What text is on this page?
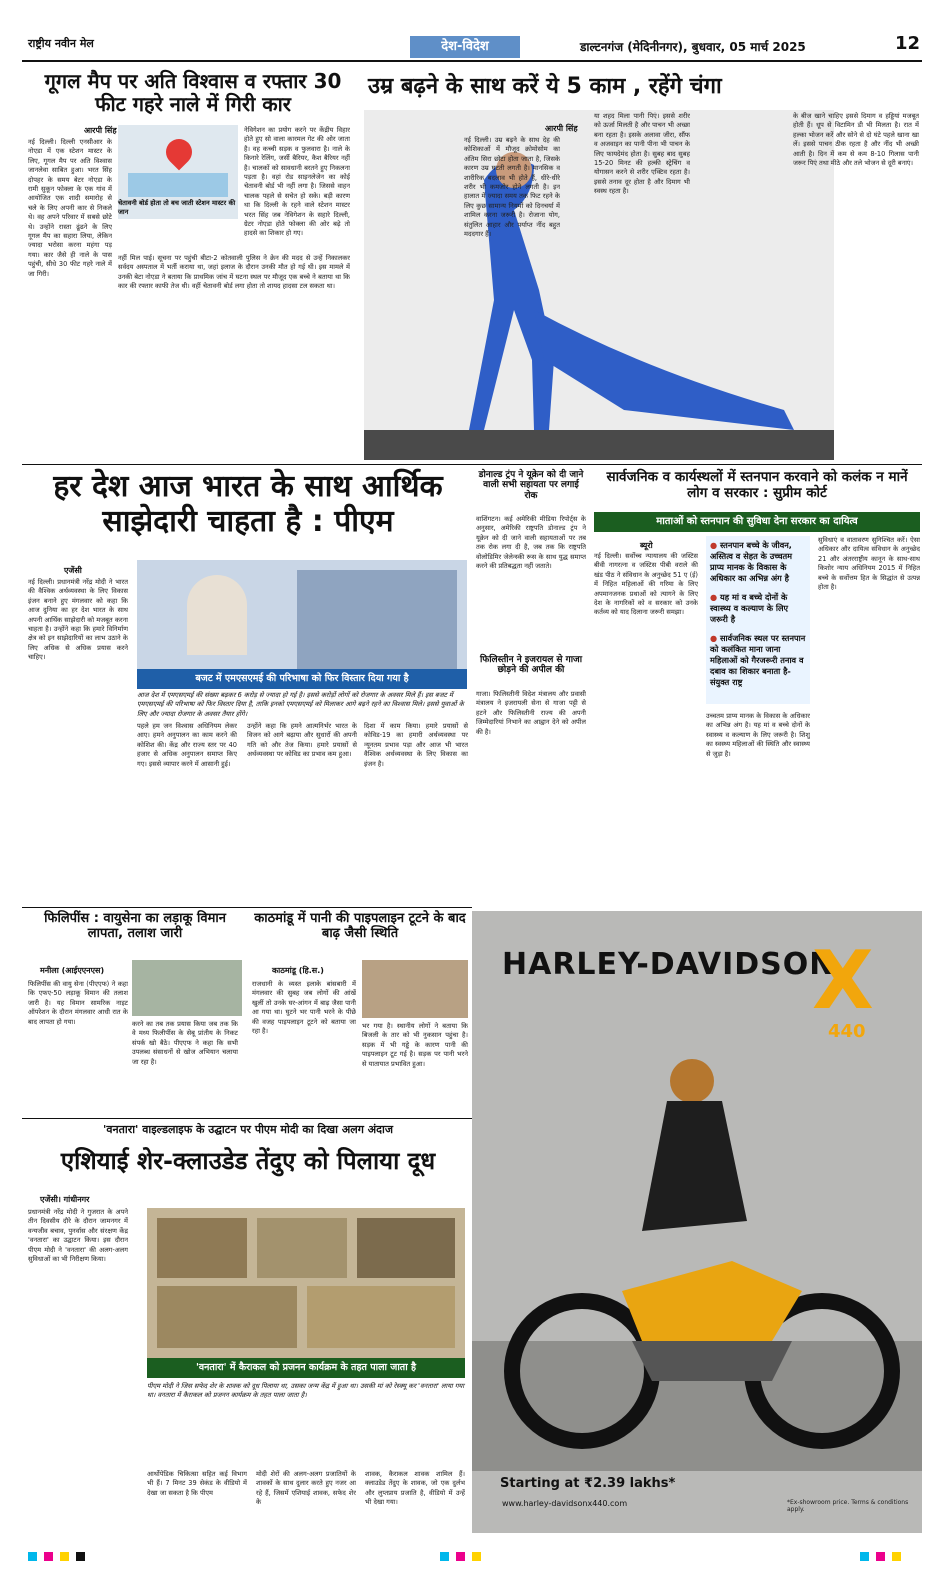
राष्ट्रीय नवीन मेल	देश-विदेश	डाल्टनगंज (मेदिनीनगर), बुधवार, 05 मार्च 2025	12
गूगल मैप पर अति विश्वास व रफ्तार 30 फीट गहरे नाले में गिरी कार
आरपी सिंह
चेतावनी बोर्ड होता तो बच जाती स्टेशन मास्टर की जान
नई दिल्ली। दिल्ली एनसीआर के नोएडा में एक स्टेशन मास्टर के लिए, गूगल मैप पर अति विश्वास जानलेवा साबित हुआ। भरत सिंह दोपहर के समय बेटर नोएडा के रामी सुकून फोक्ला के एक गांव में आयोजित एक शादी समारोह से चले के लिए अपनी कार से निकले थे। वह अपने परिवार में सबसे छोटे थे। उन्होंने रास्ता ढूंढने के लिए गूगल मैप का सहारा लिया, लेकिन ज्यादा भरोसा करना महंगा पड़ गया। कार जैसे ही नाले के पास पहुंची, सीधे 30 फीट गहरे नाले में जा गिरी।
नेविगेशन का प्रयोग करने पर केंद्रीय विहार होते हुए सो वाला कारमल गेट की ओर जाता है। वह कच्ची सड़क व फुलवारा है। नाले के किनारे रेलिंग, जर्सी बैरियर, कैश बैरियर नहीं है। चालकों को सावधानी बरतने हुए निकलना पड़ता है। वहां रोड साइनलेजेन का कोई चेतावनी बोर्ड भी नहीं लगा है। जिससे वाहन चालक पहले से सचेत हो सके। बड़ी कारण था कि दिल्ली के रहने वाले स्टेशन मास्टर भरत सिंह जब नेविगेशन के सहारे दिल्ली, ग्रेटर नोएडा होते फोक्ला की ओर बढ़े तो हादसे का शिकार हो गए।
नहीं मिल पाई। सूचना पर पहुंची बीटा-2 कोतवाली पुलिस ने क्रेन की मदद से उन्हें निकालकर सर्वदय अस्पताल में भर्ती कराया था, जहां इलाज के दौरान उनकी मौत हो गई थी। इस मामले में उनकी बेटा नोएडा ने बताया कि प्राथमिक जांच में घटना स्थल पर मौजूद एक बच्चे ने बताया था कि कार की रफ्तार काफी तेज थी। वहीं चेतावनी बोर्ड लगा होता तो शायद हादसा टल सकता था।
उम्र बढ़ने के साथ करें ये 5 काम , रहेंगे चंगा
आरपी सिंह
नई दिल्ली। उम्र बढ़ने के साथ देह की कोशिकाओं में मौजूद क्रोमोसोम का अंतिम सिरा छोटा होता जाता है, जिसके कारण उम्र घटती लगती है। मानसिक व शारीरिक बदलाव भी होते हैं, धीरे-धीरे शरीर भी कमजोर होने लगती है। इन हालात में ज्यादा समय तक फिट रहने के लिए कुछ सामान्य नियमों को दिनचर्या में शामिल करना जरूरी है। रोजाना योग, संतुलित आहार और पर्याप्त नींद बहुत मददगार हैं।
या शहद मिला पानी पिएं। इससे शरीर को ऊर्जा मिलती है और पाचन भी अच्छा बना रहता है। इसके अलावा जीरा, सौंफ व अजवाइन का पानी पीना भी पाचन के लिए फायदेमंद होता है। सुबह बाद सुबह 15-20 मिनट की हल्की स्ट्रेचिंग व योगासन करने से शरीर एक्टिव रहता है। इससे तनाव दूर होता है और दिमाग भी स्वस्थ रहता है।
के बीज खाने चाहिए इससे दिमाग व हड्डियां मजबूत होती हैं। धूप से विटामिन डी भी मिलता है। रात में हल्का भोजन करें और सोने से दो घंटे पहले खाना खा लें। इससे पाचन ठीक रहता है और नींद भी अच्छी आती है। दिन में कम से कम 8-10 गिलास पानी जरूर पिएं तथा मीठे और तले भोजन से दूरी बनाएं।
हर देश आज भारत के साथ आर्थिक साझेदारी चाहता है : पीएम
एजेंसी
नई दिल्ली। प्रधानमंत्री नरेंद्र मोदी ने भारत की वैश्विक अर्थव्यवस्था के लिए विकास इंजन बनाने हुए मंगलवार को कहा कि आज दुनिया का हर देश भारत के साथ अपनी आर्थिक साझेदारी को मजबूत करना चाहता है। उन्होंने कहा कि हमारे विनिर्माण क्षेत्र को इन साझेदारियों का लाभ उठाने के लिए अधिक से अधिक प्रयास करने चाहिए।
बजट में एमएसएमई की परिभाषा को फिर विस्तार दिया गया है
आज देश में एमएसएमई की संख्या बढ़कर 6 करोड़ से ज्यादा हो गई है। इससे करोड़ों लोगों को रोजगार के अवसर मिले हैं। इस बजट में एमएसएमई की परिभाषा को फिर विस्तार दिया है, ताकि इनको एमएसएमई को मिलाकर आगे बढ़ने रहने का विश्वास मिले। इससे युवाओं के लिए और ज्यादा रोजगार के अवसर तैयार होंगे।
पहले हम जन विश्वास अधिनियम लेकर आए। हमने अनुपालन का काम करने की कोशिश की। केंद्र और राज्य स्तर पर 40 हजार से अधिक अनुपालन समाप्त किए गए। इससे व्यापार करने में आसानी हुई।
उन्होंने कहा कि हमने आत्मनिर्भर भारत के विजन को आगे बढ़ाया और सुधारों की अपनी गति को और तेज किया। हमारे प्रयासों से अर्थव्यवस्था पर कोविड का प्रभाव कम हुआ।
दिशा में काम किया। हमारे प्रयासों से कोविड-19 का हमारी अर्थव्यवस्था पर न्यूनतम प्रभाव पड़ा और आज भी भारत वैश्विक अर्थव्यवस्था के लिए विकास का इंजन है।
डोनाल्ड ट्रंप ने यूक्रेन को दी जाने वाली सभी सहायता पर लगाई रोक
वाशिंगटन। कई अमेरिकी मीडिया रिपोर्ट्स के अनुसार, अमेरिकी राष्ट्रपति डोनाल्ड ट्रंप ने यूक्रेन को दी जाने वाली सहायताओं पर तब तक रोक लगा दी है, जब तक कि राष्ट्रपति वोलोडिमिर जेलेन्स्की रूस के साथ युद्ध समाप्त करने की प्रतिबद्धता नहीं जताते।
फिलिस्तीन ने इजरायल से गाजा छोड़ने की अपील की
गाजा। फिलिस्तीनी विदेश मंत्रालय और प्रवासी मंत्रालय ने इजरायली सेना से गाजा पट्टी से हटने और फिलिस्तीनी राज्य की अपनी जिम्मेदारियां निभाने का आह्वान देने को अपील की है।
सार्वजनिक व कार्यस्थलों में स्तनपान करवाने को कलंक न मानें लोग व सरकार : सुप्रीम कोर्ट
माताओं को स्तनपान की सुविधा देना सरकार का दायित्व
ब्यूरो
●	स्तनपान बच्चे के जीवन, अस्तित्व व सेहत के उच्चतम प्राप्य मानक के विकास के अधिकार का अभिन्न अंग है
● यह मां व बच्चे दोनों के स्वास्थ्य व कल्याण के लिए जरूरी है
● सार्वजनिक स्थल पर स्तनपान को कलंकित माना जाना महिलाओं को गैरजरूरी तनाव व दबाव का शिकार बनाता है- संयुक्त राष्ट्र
नई दिल्ली। सर्वोच्च न्यायालय की जस्टिस बीवी नागरत्ना व जस्टिस पीबी वराले की खंड पीठ ने संविधान के अनुच्छेद 51 ए (ई) में निहित महिलाओं की गरिमा के लिए अपमानजनक प्रथाओं को त्यागने के लिए देश के नागरिकों को व सरकार को उनके कर्तव्य को याद दिलाना जरूरी समझा।
उच्चतम प्राप्य मानक के विकास के अधिकार का अभिन्न अंग है। यह मां व बच्चे दोनों के स्वास्थ्य व कल्याण के लिए जरूरी है। शिशु का स्वस्थ्य महिलाओं की स्थिति और स्वास्थ्य से जुड़ा है।
सुविधाएं व वातावरण सुनिश्चित करें। ऐसा अधिकार और दायित्व संविधान के अनुच्छेद 21 और अंतरराष्ट्रीय कानून के साथ-साथ किशोर न्याय अधिनियम 2015 में निहित बच्चे के सर्वोत्तम हित के सिद्धांत से उत्पन्न होता है।
फिलिपींस : वायुसेना का लड़ाकू विमान लापता, तलाश जारी
मनीला (आईएएनएस)
फिलिपींस की वायु सेना (पीएएफ) ने कहा कि एफए-50 लड़ाकू विमान की तलाश जारी है। यह विमान सामरिक नाइट ऑपरेशन के दौरान मंगलवार आधी रात के बाद लापता हो गया।	करने का तब तक प्रयास किया जब तक कि वे मध्य फिलीपींस के सेबू प्रांतीय के निकट संपर्क खो बैठे। पीएएफ ने कहा कि सभी उपलब्ध संसाधनों से खोज अभियान चलाया जा रहा है।
काठमांडू में पानी की पाइपलाइन टूटने के बाद बाढ़ जैसी स्थिति
काठमांडू (हि.स.)
राजधानी के व्यस्त इलाके बांसबारी में मंगलवार की सुबह जब लोगों की आंखें खुलीं तो उनके घर-आंगन में बाढ़ जैसा पानी आ गया था। घुटने भर पानी भरने के पीछे की वजह पाइपलाइन टूटने को बताया जा रहा है।
भर गया है। स्थानीय लोगों ने बताया कि बिजली के तार को भी नुकसान पहुंचा है। सड़क में भी गड्ढे के कारण पानी की पाइपलाइन टूट गई है। सड़क पर पानी भरने से यातायात प्रभावित हुआ।
'वनतारा' वाइल्डलाइफ के उद्घाटन पर पीएम मोदी का दिखा अलग अंदाज
एशियाई शेर-क्लाउडेड तेंदुए को पिलाया दूध
एजेंसी। गांधीनगर
प्रधानमंत्री नरेंद्र मोदी ने गुजरात के अपने तीन दिवसीय दौरे के दौरान जामनगर में वन्यजीव बचाव, पुनर्वास और संरक्षण केंद्र 'वनतारा' का उद्घाटन किया। इस दौरान पीएम मोदी ने 'वनतारा' की अलग-अलग सुविधाओं का भी निरीक्षण किया।
'वनतारा' में कैराकल को प्रजनन कार्यक्रम के तहत पाला जाता है
पीएम मोदी ने जिस सफेद शेर के शावक को दूध पिलाया था, उसका जन्म केंद्र में हुआ था। उसकी मां को रेस्क्यू कर 'वनतारा' लाया गया था। वनतारा में कैराकल को प्रजनन कार्यक्रम के तहत पाला जाता है।
आर्थोपेडिक चिकित्सा सहित कई विभाग भी हैं। 7 मिनट 39 सेकंड के वीडियो में देखा जा सकता है कि पीएम
मोदी शेरों की अलग-अलग प्रजातियों के शावकों के साथ दुलार करते हुए नजर आ रहे हैं, जिसमें एशियाई शावक, सफेद शेर के
शावक, कैराकल शावक शामिल हैं। क्लाउडेड तेंदुए के शावक, जो एक दुर्लभ और लुप्तप्राय प्रजाति है, वीडियो में उन्हें भी देखा गया।
HARLEY-DAVIDSON
X
440
Starting at ₹2.39 lakhs*
www.harley-davidsonx440.com	*Ex-showroom price. Terms & conditions apply.
